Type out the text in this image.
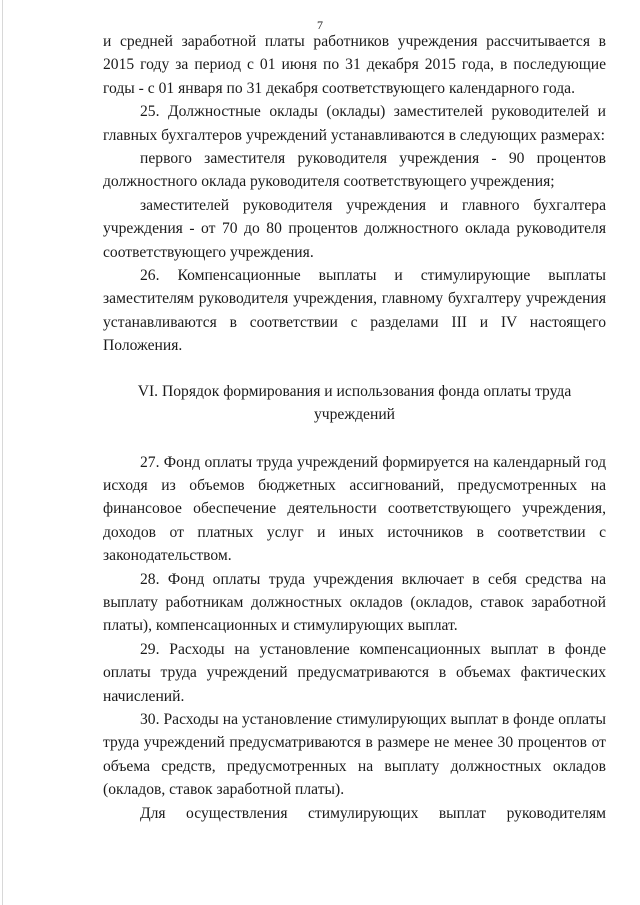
7

и средней заработной платы работников учреждения рассчитывается в 2015 году за период с 01 июня по 31 декабря 2015 года, в последующие годы - с 01 января по 31 декабря соответствующего календарного года.

25. Должностные оклады (оклады) заместителей руководителей и главных бухгалтеров учреждений устанавливаются в следующих размерах:

первого заместителя руководителя учреждения - 90 процентов должностного оклада руководителя соответствующего учреждения;

заместителей руководителя учреждения и главного бухгалтера учреждения - от 70 до 80 процентов должностного оклада руководителя соответствующего учреждения.

26. Компенсационные выплаты и стимулирующие выплаты заместителям руководителя учреждения, главному бухгалтеру учреждения устанавливаются в соответствии с разделами III и IV настоящего Положения.

VI. Порядок формирования и использования фонда оплаты труда
учреждений

27. Фонд оплаты труда учреждений формируется на календарный год исходя из объемов бюджетных ассигнований, предусмотренных на финансовое обеспечение деятельности соответствующего учреждения, доходов от платных услуг и иных источников в соответствии с законодательством.

28. Фонд оплаты труда учреждения включает в себя средства на выплату работникам должностных окладов (окладов, ставок заработной платы), компенсационных и стимулирующих выплат.

29. Расходы на установление компенсационных выплат в фонде оплаты труда учреждений предусматриваются в объемах фактических начислений.

30. Расходы на установление стимулирующих выплат в фонде оплаты труда учреждений предусматриваются в размере не менее 30 процентов от объема средств, предусмотренных на выплату должностных окладов (окладов, ставок заработной платы).

Для осуществления стимулирующих выплат руководителям
